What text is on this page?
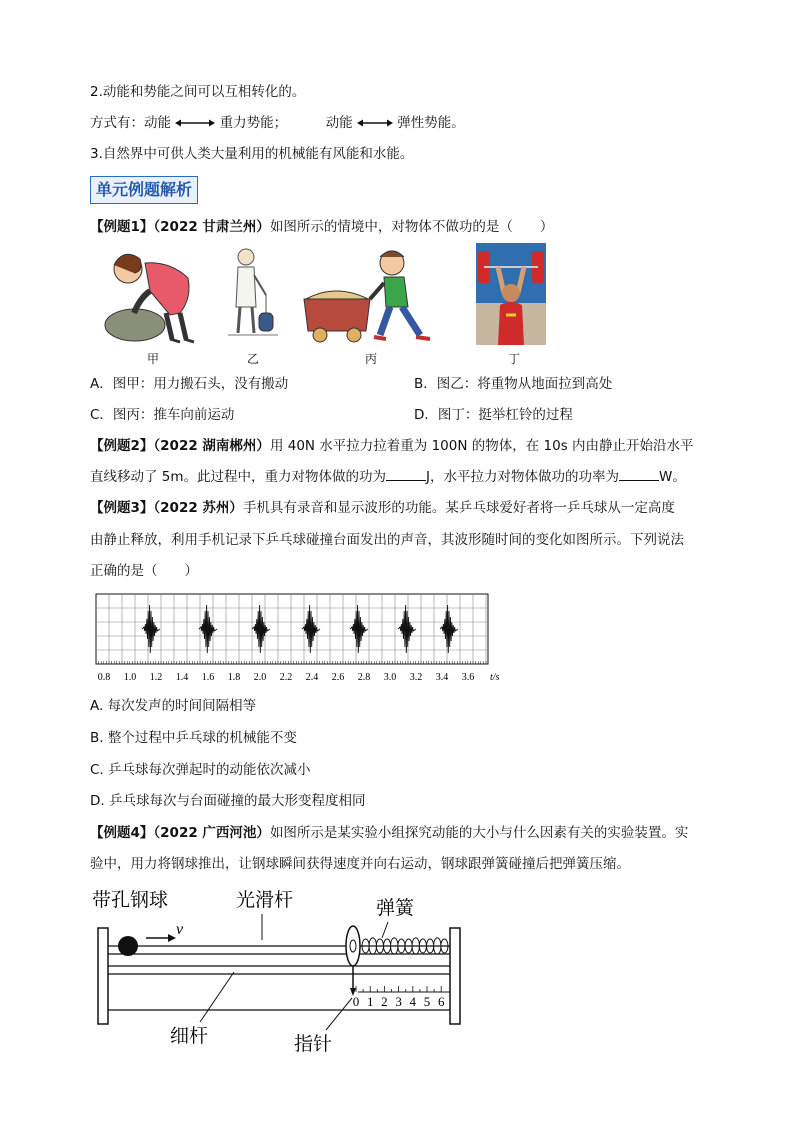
2.动能和势能之间可以互相转化的。
方式有：动能	重力势能；	动能	弹性势能。
3.自然界中可供人类大量利用的机械能有风能和水能。
单元例题解析
【例题1】（2022 甘肃兰州）如图所示的情境中，对物体不做功的是（　　）
甲	乙	丙	丁
A．图甲：用力搬石头，没有搬动	B．图乙：将重物从地面拉到高处
C．图丙：推车向前运动	D．图丁：挺举杠铃的过程
【例题2】（2022 湖南郴州）用 40N 水平拉力拉着重为 100N 的物体，在 10s 内由静止开始沿水平
直线移动了 5m。此过程中，重力对物体做的功为	J，水平拉力对物体做功的功率为	W。
【例题3】（2022 苏州）手机具有录音和显示波形的功能。某乒乓球爱好者将一乒乓球从一定高度
由静止释放，利用手机记录下乒乓球碰撞台面发出的声音，其波形随时间的变化如图所示。下列说法
正确的是（　　）
0.8 1.0 1.2 1.4 1.6 1.8 2.0 2.2 2.4 2.6 2.8 3.0 3.2 3.4 3.6 t/s
A. 每次发声的时间间隔相等
B. 整个过程中乒乓球的机械能不变
C. 乒乓球每次弹起时的动能依次减小
D. 乒乓球每次与台面碰撞的最大形变程度相同
【例题4】（2022 广西河池）如图所示是某实验小组探究动能的大小与什么因素有关的实验装置。实
验中，用力将钢球推出，让钢球瞬间获得速度并向右运动，钢球跟弹簧碰撞后把弹簧压缩。
v
0 1 2 3 4 5 6
带孔钢球	光滑杆	弹簧
细杆	指针
